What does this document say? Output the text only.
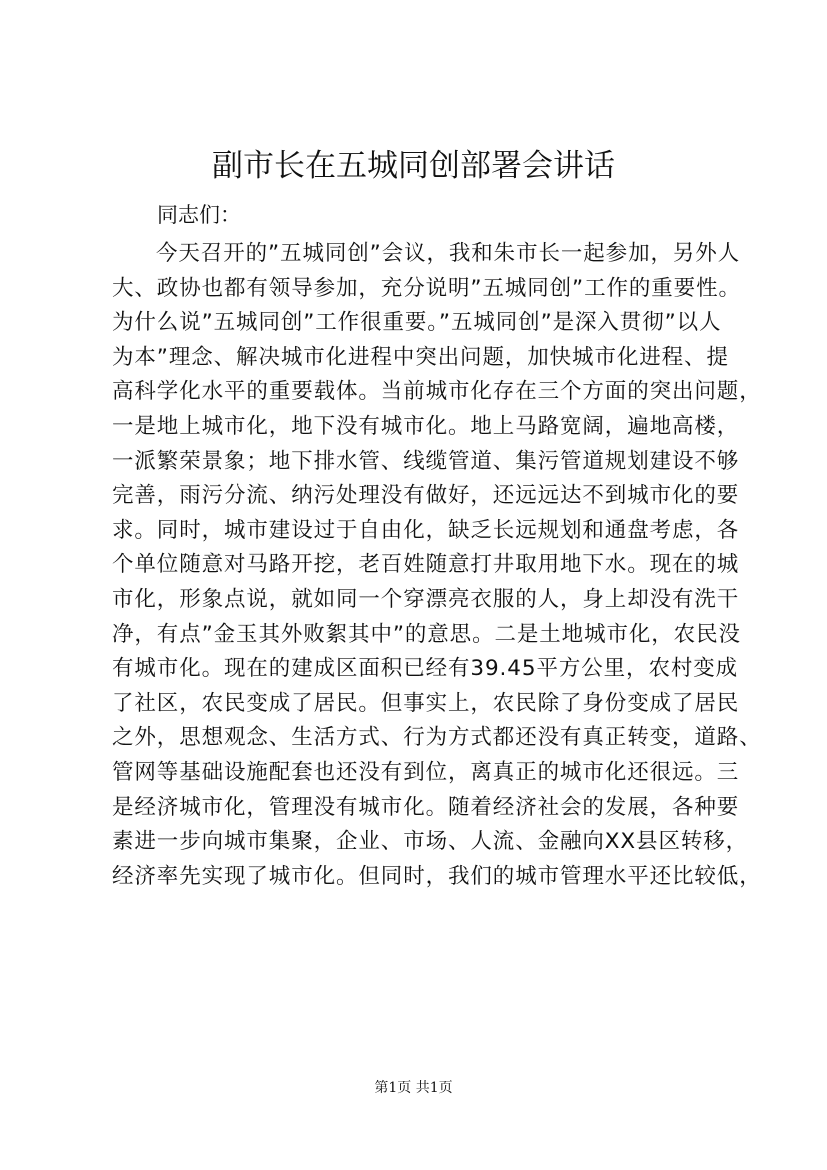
副市长在五城同创部署会讲话
同志们：
今天召开的”五城同创”会议，我和朱市长一起参加，另外人
大、政协也都有领导参加，充分说明”五城同创”工作的重要性。
为什么说”五城同创”工作很重要。”五城同创”是深入贯彻”以人
为本”理念、解决城市化进程中突出问题，加快城市化进程、提
高科学化水平的重要载体。当前城市化存在三个方面的突出问题，
一是地上城市化，地下没有城市化。地上马路宽阔，遍地高楼，
一派繁荣景象；地下排水管、线缆管道、集污管道规划建设不够
完善，雨污分流、纳污处理没有做好，还远远达不到城市化的要
求。同时，城市建设过于自由化，缺乏长远规划和通盘考虑，各
个单位随意对马路开挖，老百姓随意打井取用地下水。现在的城
市化，形象点说，就如同一个穿漂亮衣服的人，身上却没有洗干
净，有点”金玉其外败絮其中”的意思。二是土地城市化，农民没
有城市化。现在的建成区面积已经有39.45平方公里，农村变成
了社区，农民变成了居民。但事实上，农民除了身份变成了居民
之外，思想观念、生活方式、行为方式都还没有真正转变，道路、
管网等基础设施配套也还没有到位，离真正的城市化还很远。三
是经济城市化，管理没有城市化。随着经济社会的发展，各种要
素进一步向城市集聚，企业、市场、人流、金融向XX县区转移，
经济率先实现了城市化。但同时，我们的城市管理水平还比较低，
第1页 共1页
